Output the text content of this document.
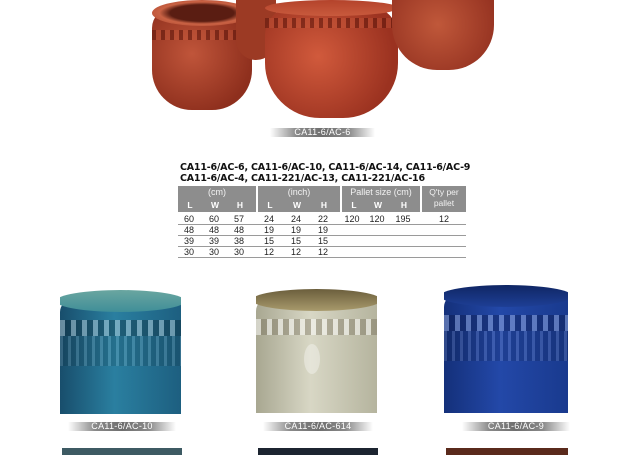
CA11-6/AC-6
CA11-6/AC-6, CA11-6/AC-10, CA11-6/AC-14, CA11-6/AC-9
CA11-6/AC-4, CA11-221/AC-13, CA11-221/AC-16
(cm)
L	W	H
(inch)
L	W	H
Pallet size (cm)
L	W	H
Q'ty per pallet
60	60	57	24	24	22	120	120	195	12
48	48	48	19	19	19
39	39	38	15	15	15
30	30	30	12	12	12
CA11-6/AC-10	CA11-6/AC-614	CA11-6/AC-9
